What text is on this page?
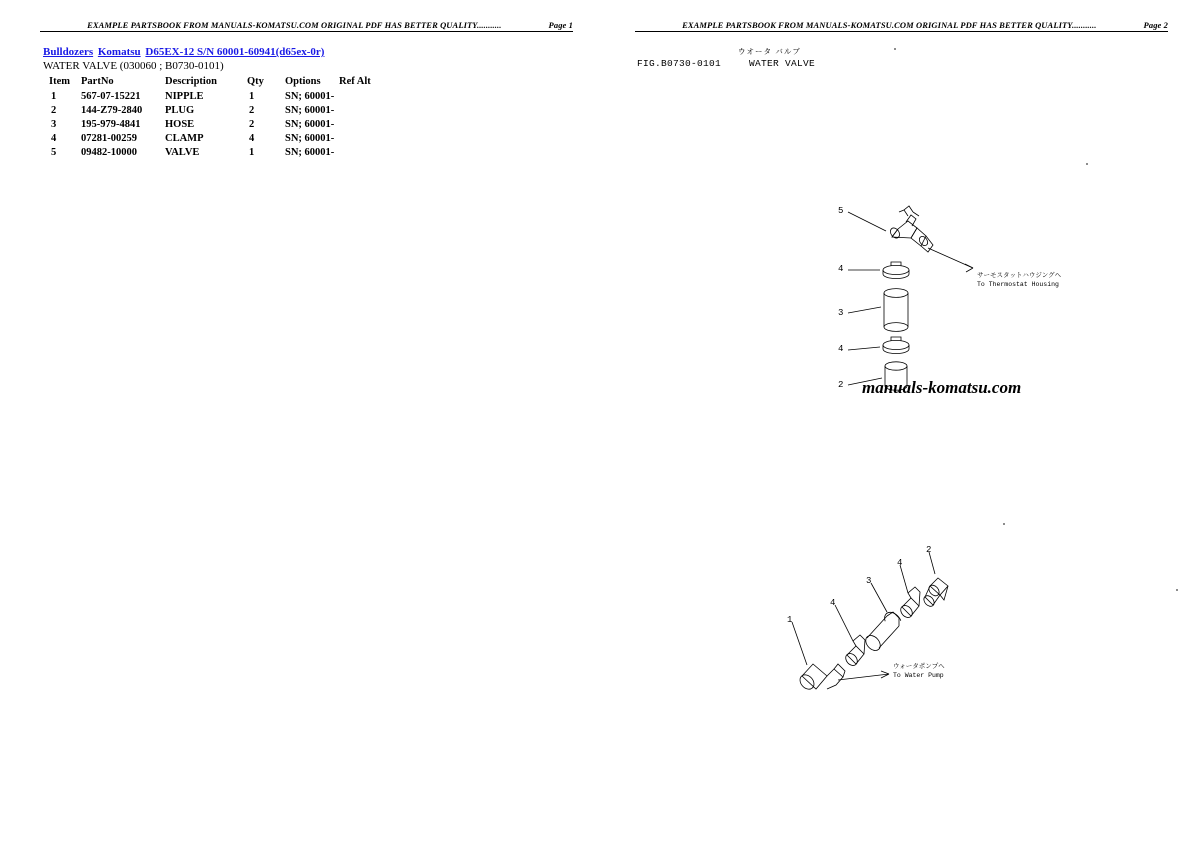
EXAMPLE PARTSBOOK FROM MANUALS-KOMATSU.COM ORIGINAL PDF HAS BETTER QUALITY...........	Page 1
Bulldozers Komatsu D65EX-12 S/N 60001-60941(d65ex-0r)
WATER VALVE (030060 ; B0730-0101)
Item	PartNo	Description	Qty	Options	Ref Alt
1	567-07-15221	NIPPLE	1	SN; 60001-	
2	144-Z79-2840	PLUG	2	SN; 60001-	
3	195-979-4841	HOSE	2	SN; 60001-	
4	07281-00259	CLAMP	4	SN; 60001-	
5	09482-10000	VALVE	1	SN; 60001-	
EXAMPLE PARTSBOOK FROM MANUALS-KOMATSU.COM ORIGINAL PDF HAS BETTER QUALITY...........	Page 2
ウオータ バルブ
FIG.B0730-0101	WATER VALVE
manuals-komatsu.com
5
4
3
4
2
サーモスタットハウジングへ
To Thermostat Housing
1
4
3
4
2
ウォータポンプへ
To Water Pump
